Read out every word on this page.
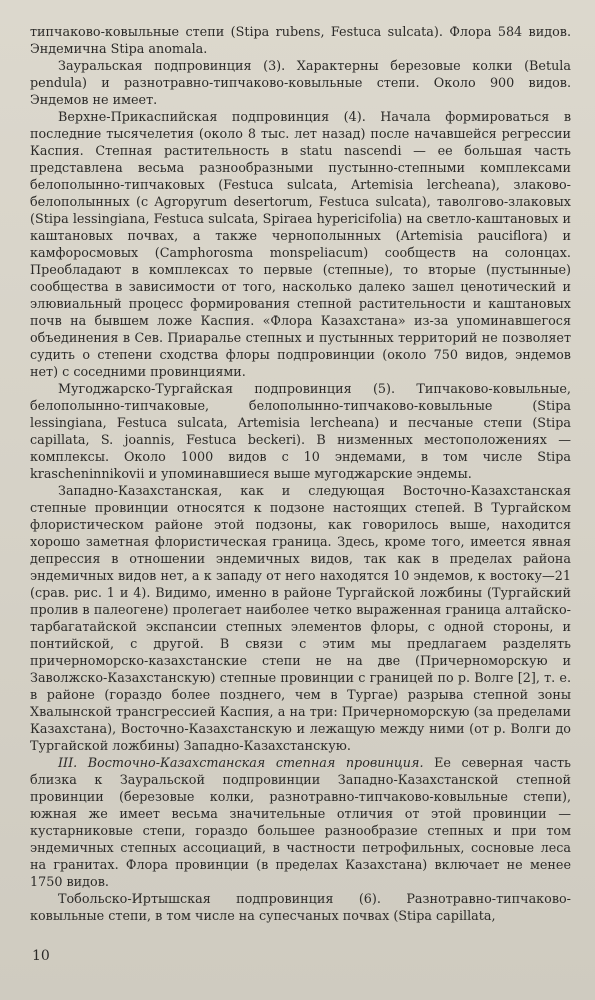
типчаково-ковыльные степи (Stipa rubens, Festuca sulcata). Флора 584 видов. Эндемична Stipa anomala.

Зауральская подпровинция (3). Характерны березовые колки (Betula pendula) и разнотравно-типчаково-ковыльные степи. Около 900 видов. Эндемов не имеет.

Верхне-Прикаспийская подпровинция (4). Начала формироваться в последние тысячелетия (около 8 тыс. лет назад) после начавшейся регрессии Каспия. Степная растительность в statu nascendi — ее большая часть представлена весьма разнообразными пустынно-степными комплексами белополынно-типчаковых (Festuca sulcata, Artemisia lercheana), злаково-белополынных (с Agropyrum desertorum, Festuca sulcata), таволгово-злаковых (Stipa lessingiana, Festuca sulcata, Spiraea hypericifolia) на светло-каштановых и каштановых почвах, а также чернополынных (Artemisia pauciflora) и камфоросмовых (Camphorosma monspeliacum) сообществ на солонцах. Преобладают в комплексах то первые (степные), то вторые (пустынные) сообщества в зависимости от того, насколько далеко зашел ценотический и элювиальный процесс формирования степной растительности и каштановых почв на бывшем ложе Каспия. «Флора Казахстана» из-за упоминавшегося объединения в Сев. Приаралье степных и пустынных территорий не позволяет судить о степени сходства флоры подпровинции (около 750 видов, эндемов нет) с соседними провинциями.

Мугоджарско-Тургайская подпровинция (5). Типчаково-ковыльные, белополынно-типчаковые, белополынно-типчаково-ковыльные (Stipa lessingiana, Festuca sulcata, Artemisia lercheana) и песчаные степи (Stipa capillata, S. joannis, Festuca beckeri). В низменных местоположениях — комплексы. Около 1000 видов с 10 эндемами, в том числе Stipa krascheninnikovii и упоминавшиеся выше мугоджарские эндемы.

Западно-Казахстанская, как и следующая Восточно-Казахстанская степные провинции относятся к подзоне настоящих степей. В Тургайском флористическом районе этой подзоны, как говорилось выше, находится хорошо заметная флористическая граница. Здесь, кроме того, имеется явная депрессия в отношении эндемичных видов, так как в пределах района эндемичных видов нет, а к западу от него находятся 10 эндемов, к востоку—21 (срав. рис. 1 и 4). Видимо, именно в районе Тургайской ложбины (Тургайский пролив в палеогене) пролегает наиболее четко выраженная граница алтайско-тарбагатайской экспансии степных элементов флоры, с одной стороны, и понтийской, с другой. В связи с этим мы предлагаем разделять причерноморско-казахстанские степи не на две (Причерноморскую и Заволжско-Казахстанскую) степные провинции с границей по р. Волге [2], т. е. в районе (гораздо более позднего, чем в Тургае) разрыва степной зоны Хвалынской трансгрессией Каспия, а на три: Причерноморскую (за пределами Казахстана), Восточно-Казахстанскую и лежащую между ними (от р. Волги до Тургайской ложбины) Западно-Казахстанскую.

III. Восточно-Казахстанская степная провинция. Ее северная часть близка к Зауральской подпровинции Западно-Казахстанской степной провинции (березовые колки, разнотравно-типчаково-ковыльные степи), южная же имеет весьма значительные отличия от этой провинции — кустарниковые степи, гораздо большее разнообразие степных и при том эндемичных степных ассоциаций, в частности петрофильных, сосновые леса на гранитах. Флора провинции (в пределах Казахстана) включает не менее 1750 видов.

Тобольско-Иртышская подпровинция (6). Разнотравно-типчаково-ковыльные степи, в том числе на супесчаных почвах (Stipa capillata,

10
